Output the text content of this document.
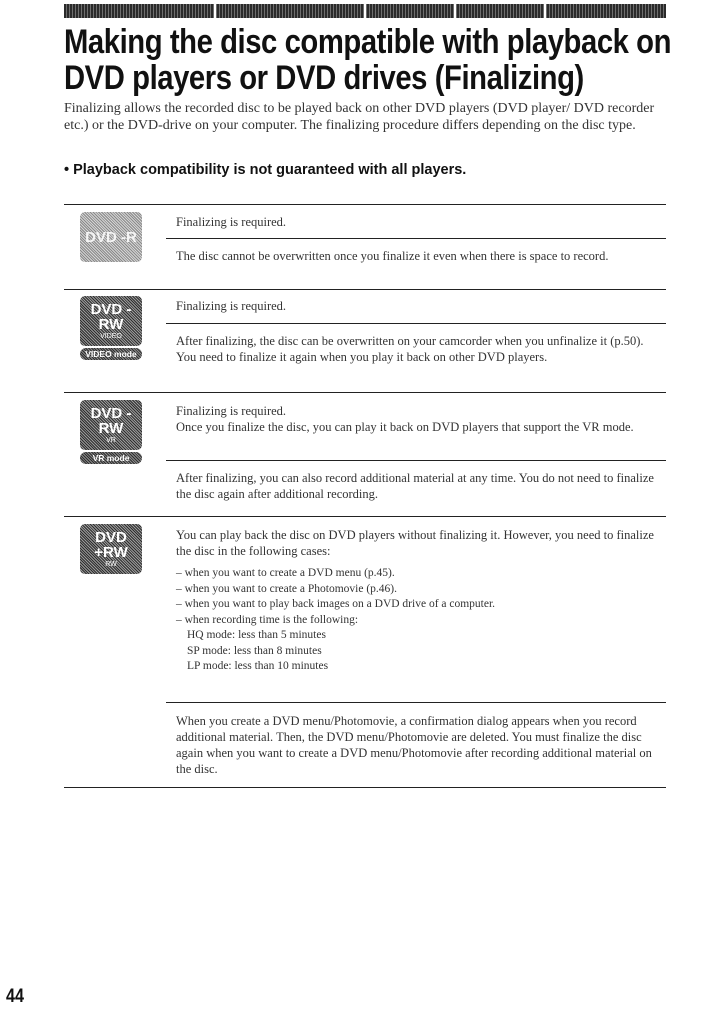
Making the disc compatible with playback on DVD players or DVD drives (Finalizing)
Finalizing allows the recorded disc to be played back on other DVD players (DVD player/ DVD recorder etc.) or the DVD-drive on your computer. The finalizing procedure differs depending on the disc type.
• Playback compatibility is not guaranteed with all players.
DVD -R

Finalizing is required.

The disc cannot be overwritten once you finalize it even when there is space to record.

DVD -RW
VIDEO
VIDEO mode

Finalizing is required.

After finalizing, the disc can be overwritten on your camcorder when you unfinalize it (p.50). You need to finalize it again when you play it back on other DVD players.

DVD -RW
VR
VR mode

Finalizing is required.

Once you finalize the disc, you can play it back on DVD players that support the VR mode.

After finalizing, you can also record additional material at any time. You do not need to finalize the disc again after additional recording.

DVD +RW
RW

You can play back the disc on DVD players without finalizing it. However, you need to finalize the disc in the following cases:

– when you want to create a DVD menu (p.45).
– when you want to create a Photomovie (p.46).
– when you want to play back images on a DVD drive of a computer.
– when recording time is the following:
HQ mode: less than 5 minutes
SP mode: less than 8 minutes
LP mode: less than 10 minutes

When you create a DVD menu/Photomovie, a confirmation dialog appears when you record additional material. Then, the DVD menu/Photomovie are deleted. You must finalize the disc again when you want to create a DVD menu/Photomovie after recording additional material on the disc.

44
